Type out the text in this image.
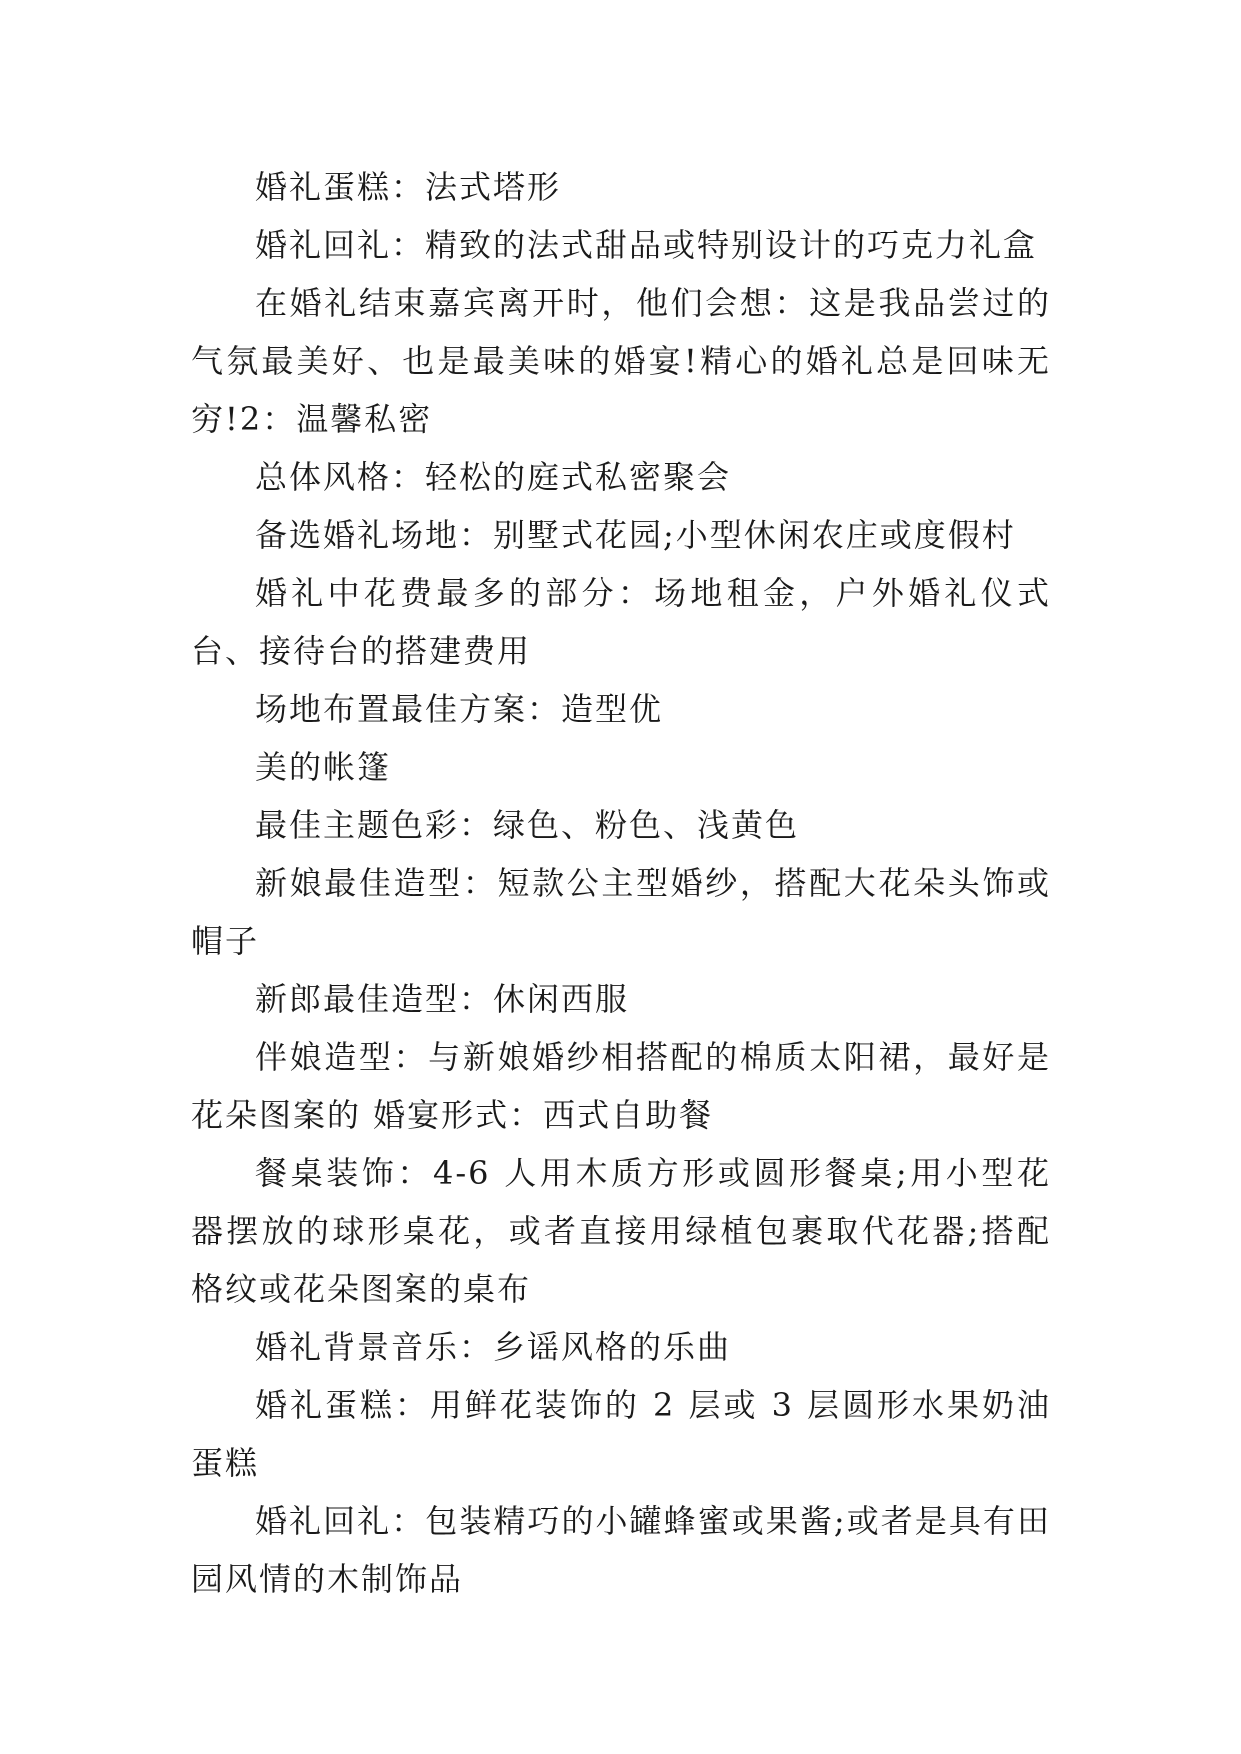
婚礼蛋糕：法式塔形

婚礼回礼：精致的法式甜品或特别设计的巧克力礼盒

在婚礼结束嘉宾离开时，他们会想：这是我品尝过的气氛最美好、也是最美味的婚宴!精心的婚礼总是回味无穷!2：温馨私密

总体风格：轻松的庭式私密聚会

备选婚礼场地：别墅式花园;小型休闲农庄或度假村

婚礼中花费最多的部分：场地租金，户外婚礼仪式台、接待台的搭建费用

场地布置最佳方案：造型优

美的帐篷

最佳主题色彩：绿色、粉色、浅黄色

新娘最佳造型：短款公主型婚纱，搭配大花朵头饰或帽子

新郎最佳造型：休闲西服

伴娘造型：与新娘婚纱相搭配的棉质太阳裙，最好是花朵图案的 婚宴形式：西式自助餐

餐桌装饰：4-6 人用木质方形或圆形餐桌;用小型花器摆放的球形桌花，或者直接用绿植包裹取代花器;搭配格纹或花朵图案的桌布

婚礼背景音乐：乡谣风格的乐曲

婚礼蛋糕：用鲜花装饰的 2 层或 3 层圆形水果奶油蛋糕

婚礼回礼：包装精巧的小罐蜂蜜或果酱;或者是具有田园风情的木制饰品
